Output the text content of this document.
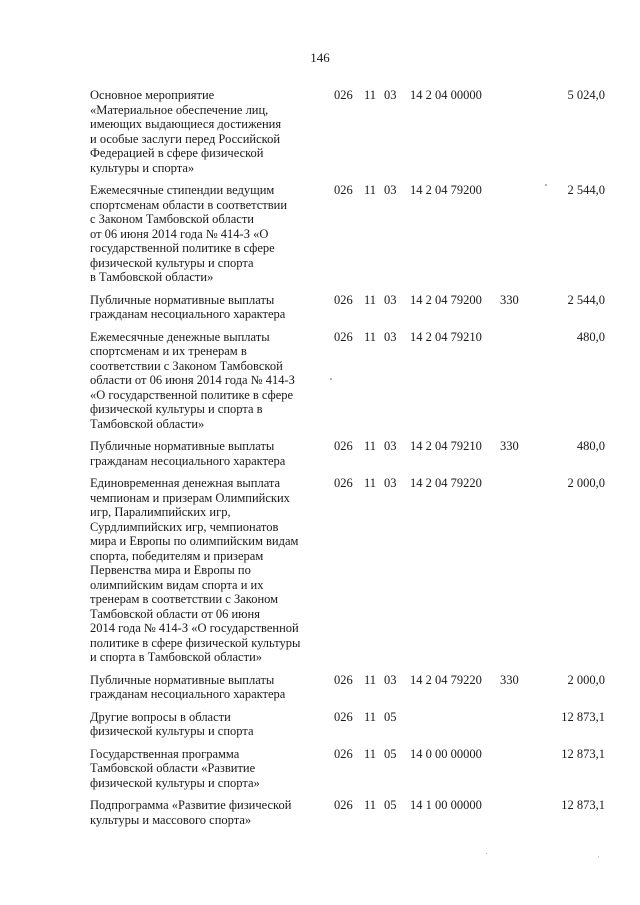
146
Основное мероприятие
«Материальное обеспечение лиц,
имеющих выдающиеся достижения
и особые заслуги перед Российской
Федерацией в сфере физической
культуры и спорта»
026 11 03 14 2 04 00000	5 024,0
Ежемесячные стипендии ведущим
спортсменам области в соответствии
с Законом Тамбовской области
от 06 июня 2014 года № 414-З «О
государственной политике в сфере
физической культуры и спорта
в Тамбовской области»
026 11 03 14 2 04 79200	2 544,0
Публичные нормативные выплаты
гражданам несоциального характера
026 11 03 14 2 04 79200 330	2 544,0
Ежемесячные денежные выплаты
спортсменам и их тренерам в
соответствии с Законом Тамбовской
области от 06 июня 2014 года № 414-З
«О государственной политике в сфере
физической культуры и спорта в
Тамбовской области»
026 11 03 14 2 04 79210	480,0
Публичные нормативные выплаты
гражданам несоциального характера
026 11 03 14 2 04 79210 330	480,0
Единовременная денежная выплата
чемпионам и призерам Олимпийских
игр, Паралимпийских игр,
Сурдлимпийских игр, чемпионатов
мира и Европы по олимпийским видам
спорта, победителям и призерам
Первенства мира и Европы по
олимпийским видам спорта и их
тренерам в соответствии с Законом
Тамбовской области от 06 июня
2014 года № 414-З «О государственной
политике в сфере физической культуры
и спорта в Тамбовской области»
026 11 03 14 2 04 79220	2 000,0
Публичные нормативные выплаты
гражданам несоциального характера
026 11 03 14 2 04 79220 330	2 000,0
Другие вопросы в области
физической культуры и спорта
026 11 05	12 873,1
Государственная программа
Тамбовской области «Развитие
физической культуры и спорта»
026 11 05 14 0 00 00000	12 873,1
Подпрограмма «Развитие физической
культуры и массового спорта»
026 11 05 14 1 00 00000	12 873,1
